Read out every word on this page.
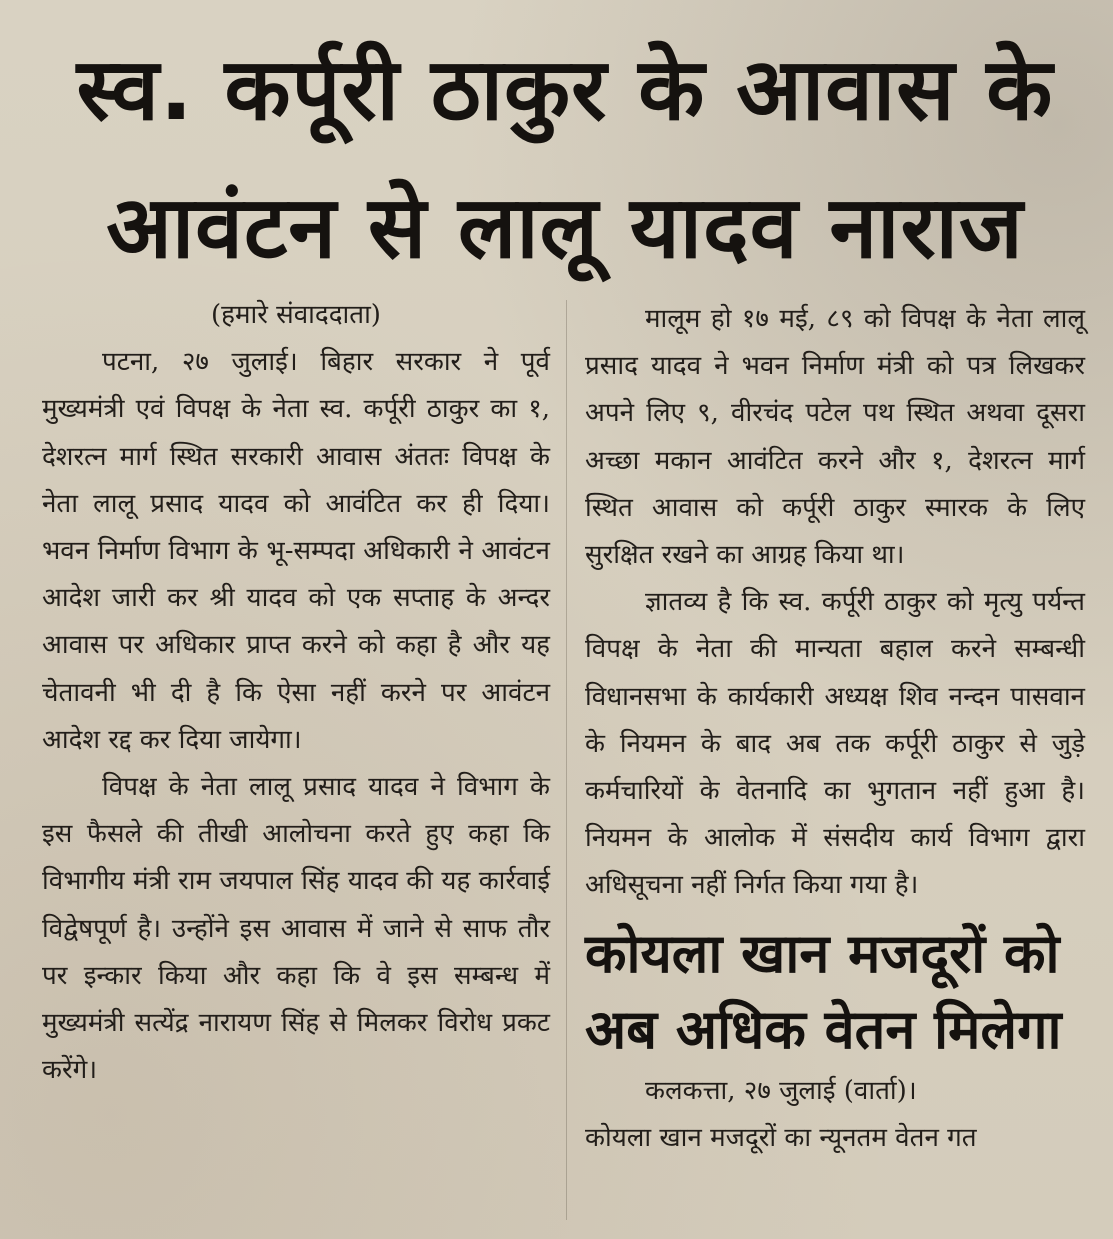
स्व. कर्पूरी ठाकुर के आवास के
आवंटन से लालू यादव नाराज

(हमारे संवाददाता)

पटना, २७ जुलाई। बिहार सरकार ने पूर्व मुख्यमंत्री एवं विपक्ष के नेता स्व. कर्पूरी ठाकुर का १, देशरत्न मार्ग स्थित सरकारी आवास अंततः विपक्ष के नेता लालू प्रसाद यादव को आवंटित कर ही दिया। भवन निर्माण विभाग के भू-सम्पदा अधिकारी ने आवंटन आदेश जारी कर श्री यादव को एक सप्ताह के अन्दर आवास पर अधिकार प्राप्त करने को कहा है और यह चेतावनी भी दी है कि ऐसा नहीं करने पर आवंटन आदेश रद्द कर दिया जायेगा।

विपक्ष के नेता लालू प्रसाद यादव ने विभाग के इस फैसले की तीखी आलोचना करते हुए कहा कि विभागीय मंत्री राम जयपाल सिंह यादव की यह कार्रवाई विद्वेषपूर्ण है। उन्होंने इस आवास में जाने से साफ तौर पर इन्कार किया और कहा कि वे इस सम्बन्ध में मुख्यमंत्री सत्येंद्र नारायण सिंह से मिलकर विरोध प्रकट करेंगे।

मालूम हो १७ मई, ८९ को विपक्ष के नेता लालू प्रसाद यादव ने भवन निर्माण मंत्री को पत्र लिखकर अपने लिए ९, वीरचंद पटेल पथ स्थित अथवा दूसरा अच्छा मकान आवंटित करने और १, देशरत्न मार्ग स्थित आवास को कर्पूरी ठाकुर स्मारक के लिए सुरक्षित रखने का आग्रह किया था।

ज्ञातव्य है कि स्व. कर्पूरी ठाकुर को मृत्यु पर्यन्त विपक्ष के नेता की मान्यता बहाल करने सम्बन्धी विधानसभा के कार्यकारी अध्यक्ष शिव नन्दन पासवान के नियमन के बाद अब तक कर्पूरी ठाकुर से जुड़े कर्मचारियों के वेतनादि का भुगतान नहीं हुआ है। नियमन के आलोक में संसदीय कार्य विभाग द्वारा अधिसूचना नहीं निर्गत किया गया है।

कोयला खान मजदूरों को
अब अधिक वेतन मिलेगा

कलकत्ता, २७ जुलाई (वार्ता)।

कोयला खान मजदूरों का न्यूनतम वेतन गत
